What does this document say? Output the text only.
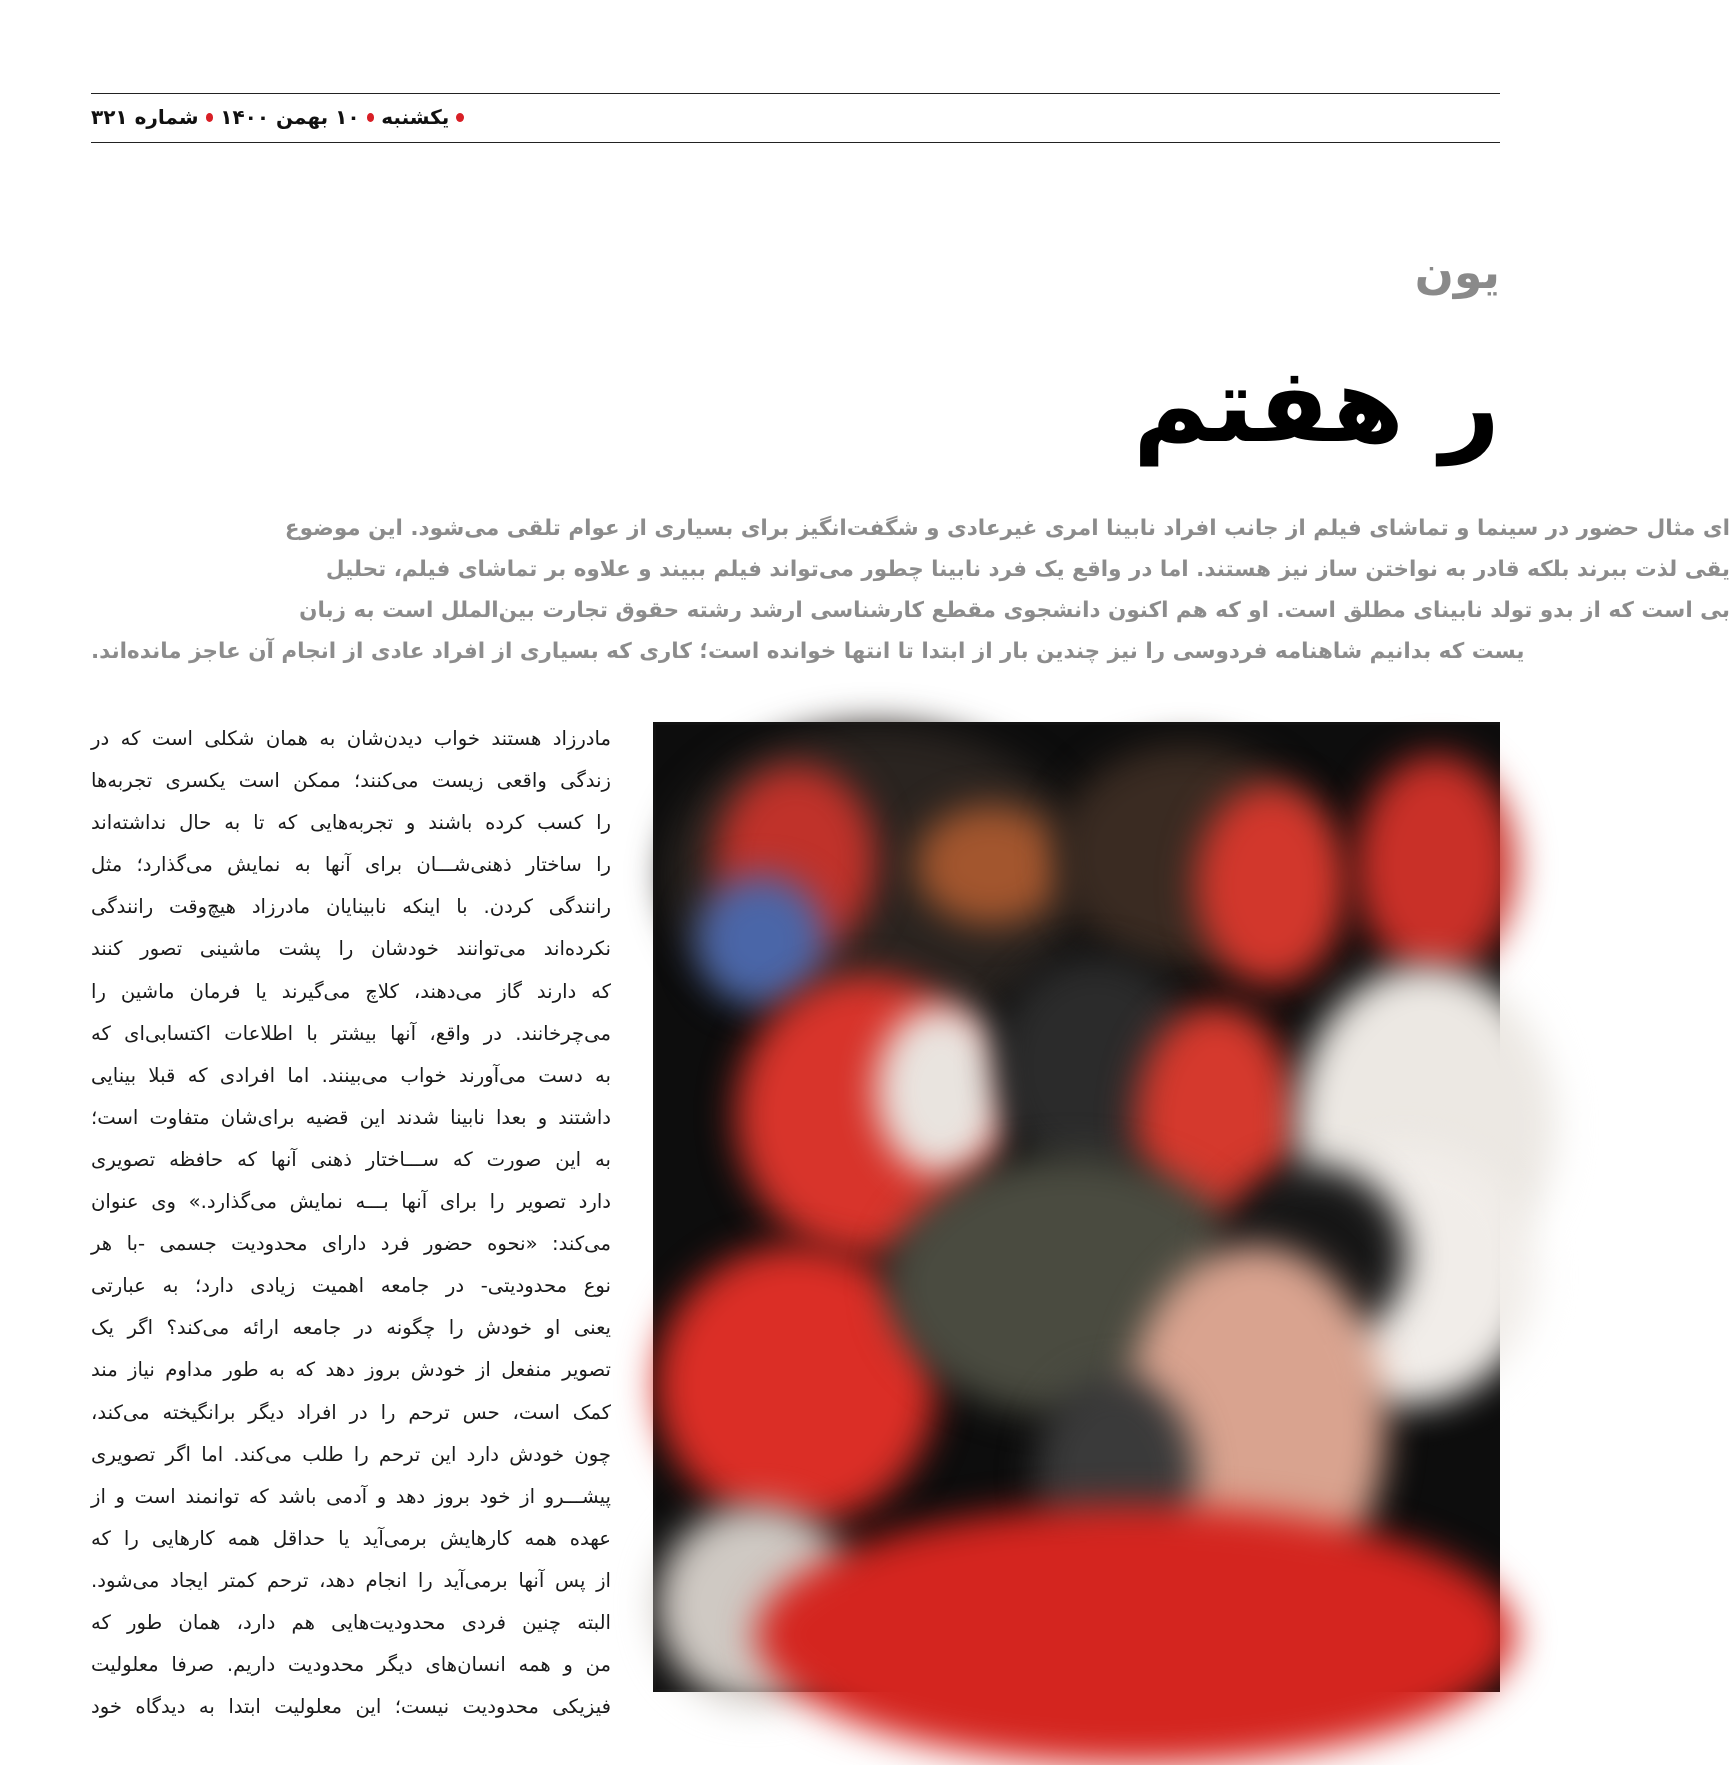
یکشنبه
۱۰ بهمن ۱۴۰۰
شماره ۳۲۱
یون
ر هفتم
ای مثال حضور در سینما و تماشای فیلم از جانب افراد نابینا امری غیرعادی و شگفت‌انگیز برای بسیاری از عوام تلقی می‌شود. این موضوع
یقی لذت ببرند بلکه قادر به نواختن ساز نیز هستند. اما در واقع یک فرد نابینا چطور می‌تواند فیلم ببیند و علاوه بر تماشای فیلم، تحلیل
بی است که از بدو تولد نابینای مطلق است. او که هم اکنون دانشجوی مقطع کارشناسی ارشد رشته حقوق تجارت بین‌الملل است به زبان
یست که بدانیم شاهنامه فردوسی را نیز چندین بار از ابتدا تا انتها خوانده است؛ کاری که بسیاری از افراد عادی از انجام آن عاجز مانده‌اند.
مادرزاد هستند خواب دیدن‌شان به همان شکلی است که در
زندگی واقعی زیست می‌کنند؛ ممکن است یکسری تجربه‌ها
را کسب کرده باشند و تجربه‌هایی که تا به حال نداشته‌اند
را ساختار ذهنی‌شـــان برای آنها به نمایش می‌گذارد؛ مثل
رانندگی کردن. با اینکه نابینایان مادرزاد هیچ‌وقت رانندگی
نکرده‌اند می‌توانند خودشان را پشت ماشینی تصور کنند
که دارند گاز می‌دهند، کلاچ می‌گیرند یا فرمان ماشین را
می‌چرخانند. در واقع، آنها بیشتر با اطلاعات اکتسابی‌ای که
به دست می‌آورند خواب می‌بینند. اما افرادی که قبلا بینایی
داشتند و بعدا نابینا شدند این قضیه برای‌شان متفاوت است؛
به این صورت که ســـاختار ذهنی آنها که حافظه تصویری
دارد تصویر را برای آنها بـــه نمایش می‌گذارد.» وی عنوان
می‌کند: «نحوه حضور فرد دارای محدودیت جسمی -با هر
نوع محدودیتی- در جامعه اهمیت زیادی دارد؛ به عبارتی
یعنی او خودش را چگونه در جامعه ارائه می‌کند؟ اگر یک
تصویر منفعل از خودش بروز دهد که به طور مداوم نیاز مند
کمک است، حس ترحم را در افراد دیگر برانگیخته می‌کند،
چون خودش دارد این ترحم را طلب می‌کند. اما اگر تصویری
پیشـــرو از خود بروز دهد و آدمی باشد که توانمند است و از
عهده همه کارهایش برمی‌آید یا حداقل همه کارهایی را که
از پس آنها برمی‌آید را انجام دهد، ترحم کمتر ایجاد می‌شود.
البته چنین فردی محدودیت‌هایی هم دارد، همان طور که
من و همه انسان‌های دیگر محدودیت داریم. صرفا معلولیت
فیزیکی محدودیت نیست؛ این معلولیت ابتدا به دیدگاه خود
